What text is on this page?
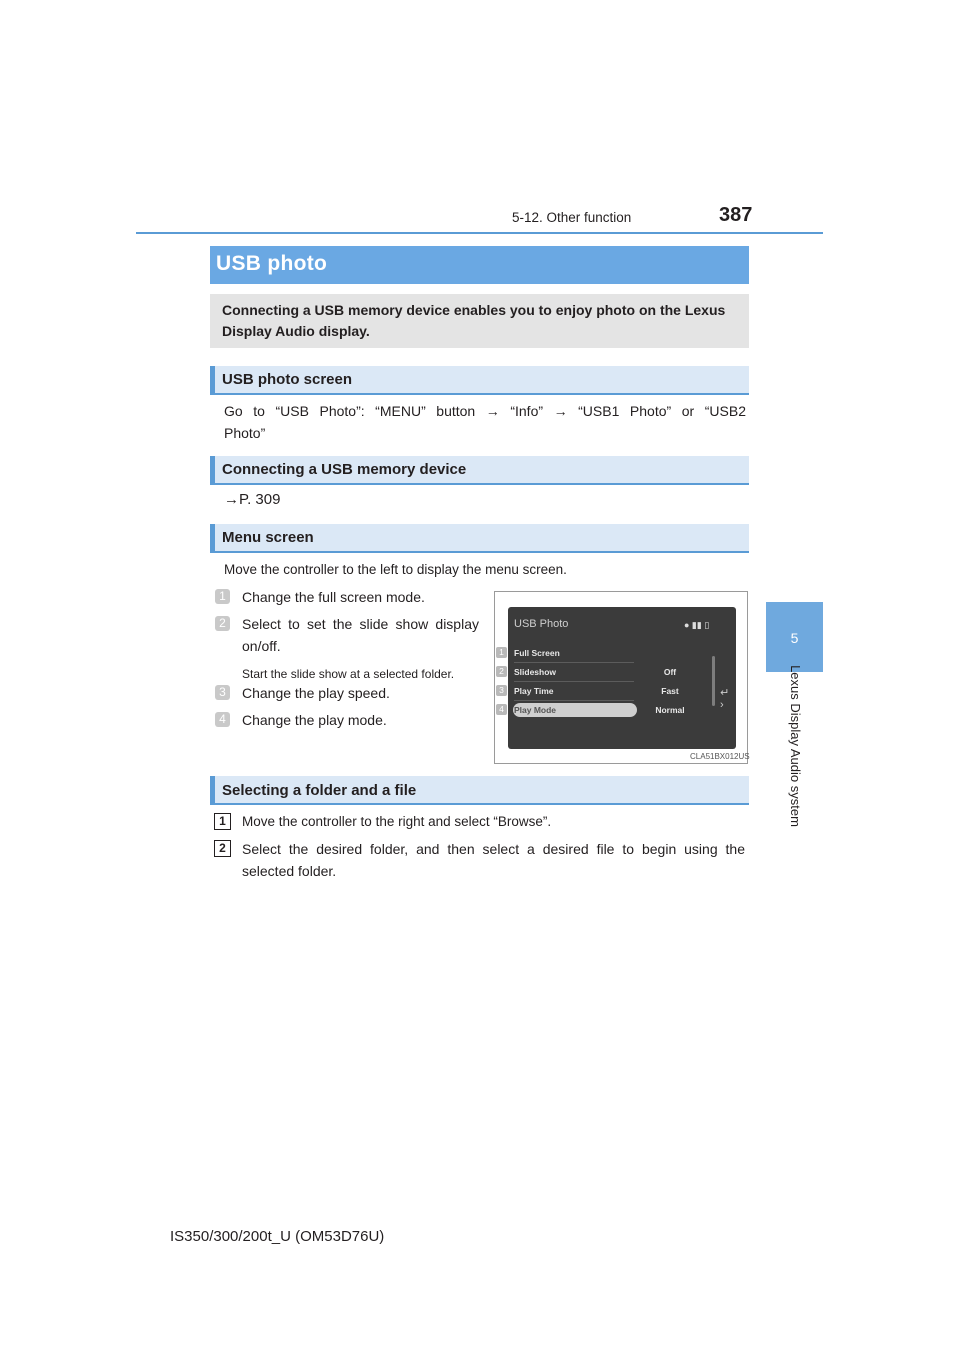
5-12. Other function	387
5
Lexus Display Audio system
USB photo
Connecting a USB memory device enables you to enjoy photo on the Lexus Display Audio display.
USB photo screen
Go to “USB Photo”: “MENU” button → “Info” → “USB1 Photo” or “USB2
Photo”
Connecting a USB memory device
→P. 309
Menu screen
Move the controller to the left to display the menu screen.
1 Change the full screen mode.
2 Select to set the slide show display
on/off.
Start the slide show at a selected folder.
3 Change the play speed.
4 Change the play mode.
USB Photo	● ▮▮ ▯
1	Full Screen
2	Slideshow	Off
3	Play Time	Fast
4	Play Mode	Normal
↵
›
CLA51BX012US
Selecting a folder and a file
1	Move the controller to the right and select “Browse”.
2	Select the desired folder, and then select a desired file to begin using the
selected folder.
IS350/300/200t_U (OM53D76U)
